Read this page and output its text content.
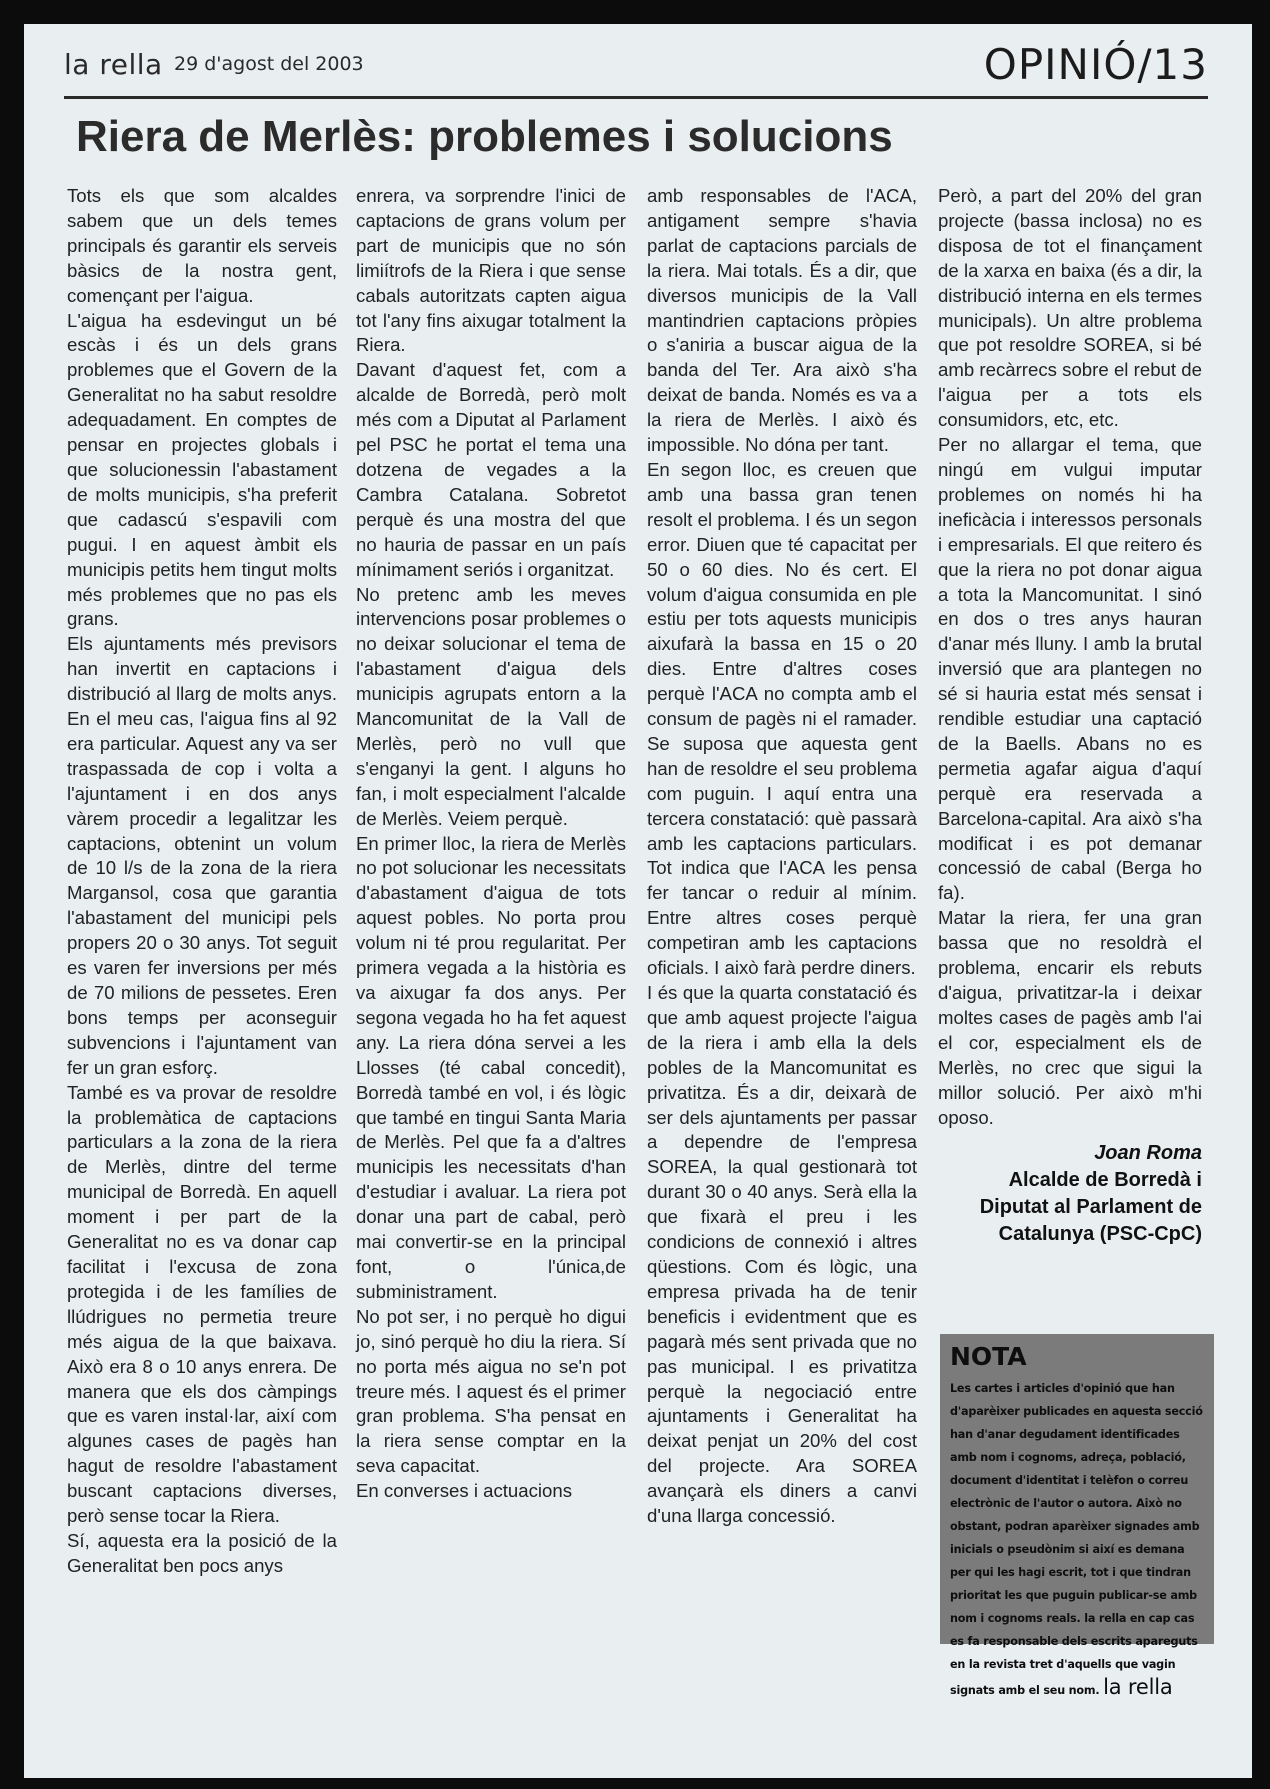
la rella 29 d'agost del 2003	OPINIÓ/13
Riera de Merlès: problemes i solucions

Tots els que som alcaldes sabem que un dels temes principals és garantir els serveis bàsics de la nostra gent, començant per l'aigua.

L'aigua ha esdevingut un bé escàs i és un dels grans problemes que el Govern de la Generalitat no ha sabut resoldre adequadament. En comptes de pensar en projectes globals i que solucionessin l'abastament de molts municipis, s'ha preferit que cadascú s'espavili com pugui. I en aquest àmbit els municipis petits hem tingut molts més problemes que no pas els grans.

Els ajuntaments més previsors han invertit en captacions i distribució al llarg de molts anys. En el meu cas, l'aigua fins al 92 era particular. Aquest any va ser traspassada de cop i volta a l'ajuntament i en dos anys vàrem procedir a legalitzar les captacions, obtenint un volum de 10 l/s de la zona de la riera Margansol, cosa que garantia l'abastament del municipi pels propers 20 o 30 anys. Tot seguit es varen fer inversions per més de 70 milions de pessetes. Eren bons temps per aconseguir subvencions i l'ajuntament van fer un gran esforç.

També es va provar de resoldre la problemàtica de captacions particulars a la zona de la riera de Merlès, dintre del terme municipal de Borredà. En aquell moment i per part de la Generalitat no es va donar cap facilitat i l'excusa de zona protegida i de les famílies de llúdrigues no permetia treure més aigua de la que baixava. Això era 8 o 10 anys enrera. De manera que els dos càmpings que es varen instal·lar, així com algunes cases de pagès han hagut de resoldre l'abastament buscant captacions diverses, però sense tocar la Riera.

Sí, aquesta era la posició de la Generalitat ben pocs anys

enrera, va sorprendre l'inici de captacions de grans volum per part de municipis que no són limiítrofs de la Riera i que sense cabals autoritzats capten aigua tot l'any fins aixugar totalment la Riera.

Davant d'aquest fet, com a alcalde de Borredà, però molt més com a Diputat al Parlament pel PSC he portat el tema una dotzena de vegades a la Cambra Catalana. Sobretot perquè és una mostra del que no hauria de passar en un país mínimament seriós i organitzat.

No pretenc amb les meves intervencions posar problemes o no deixar solucionar el tema de l'abastament d'aigua dels municipis agrupats entorn a la Mancomunitat de la Vall de Merlès, però no vull que s'enganyi la gent. I alguns ho fan, i molt especialment l'alcalde de Merlès. Veiem perquè.

En primer lloc, la riera de Merlès no pot solucionar les necessitats d'abastament d'aigua de tots aquest pobles. No porta prou volum ni té prou regularitat. Per primera vegada a la història es va aixugar fa dos anys. Per segona vegada ho ha fet aquest any. La riera dóna servei a les Llosses (té cabal concedit), Borredà també en vol, i és lògic que també en tingui Santa Maria de Merlès. Pel que fa a d'altres municipis les necessitats d'han d'estudiar i avaluar. La riera pot donar una part de cabal, però mai convertir-se en la principal font, o l'única,de subministrament.

No pot ser, i no perquè ho digui jo, sinó perquè ho diu la riera. Sí no porta més aigua no se'n pot treure més. I aquest és el primer gran problema. S'ha pensat en la riera sense comptar en la seva capacitat.

En converses i actuacions

amb responsables de l'ACA, antigament sempre s'havia parlat de captacions parcials de la riera. Mai totals. És a dir, que diversos municipis de la Vall mantindrien captacions pròpies o s'aniria a buscar aigua de la banda del Ter. Ara això s'ha deixat de banda. Només es va a la riera de Merlès. I això és impossible. No dóna per tant.

En segon lloc, es creuen que amb una bassa gran tenen resolt el problema. I és un segon error. Diuen que té capacitat per 50 o 60 dies. No és cert. El volum d'aigua consumida en ple estiu per tots aquests municipis aixufarà la bassa en 15 o 20 dies. Entre d'altres coses perquè l'ACA no compta amb el consum de pagès ni el ramader. Se suposa que aquesta gent han de resoldre el seu problema com puguin. I aquí entra una tercera constatació: què passarà amb les captacions particulars. Tot indica que l'ACA les pensa fer tancar o reduir al mínim. Entre altres coses perquè competiran amb les captacions oficials. I això farà perdre diners.

I és que la quarta constatació és que amb aquest projecte l'aigua de la riera i amb ella la dels pobles de la Mancomunitat es privatitza. És a dir, deixarà de ser dels ajuntaments per passar a dependre de l'empresa SOREA, la qual gestionarà tot durant 30 o 40 anys. Serà ella la que fixarà el preu i les condicions de connexió i altres qüestions. Com és lògic, una empresa privada ha de tenir beneficis i evidentment que es pagarà més sent privada que no pas municipal. I es privatitza perquè la negociació entre ajuntaments i Generalitat ha deixat penjat un 20% del cost del projecte. Ara SOREA avançarà els diners a canvi d'una llarga concessió.

Però, a part del 20% del gran projecte (bassa inclosa) no es disposa de tot el finançament de la xarxa en baixa (és a dir, la distribució interna en els termes municipals). Un altre problema que pot resoldre SOREA, si bé amb recàrrecs sobre el rebut de l'aigua per a tots els consumidors, etc, etc.

Per no allargar el tema, que ningú em vulgui imputar problemes on només hi ha ineficàcia i interessos personals i empresarials. El que reitero és que la riera no pot donar aigua a tota la Mancomunitat. I sinó en dos o tres anys hauran d'anar més lluny. I amb la brutal inversió que ara plantegen no sé si hauria estat més sensat i rendible estudiar una captació de la Baells. Abans no es permetia agafar aigua d'aquí perquè era reservada a Barcelona-capital. Ara això s'ha modificat i es pot demanar concessió de cabal (Berga ho fa).

Matar la riera, fer una gran bassa que no resoldrà el problema, encarir els rebuts d'aigua, privatitzar-la i deixar moltes cases de pagès amb l'ai el cor, especialment els de Merlès, no crec que sigui la millor solució. Per això m'hi oposo.

Joan Roma
Alcalde de Borredà i
Diputat al Parlament de
Catalunya (PSC-CpC)
NOTA
Les cartes i articles d'opinió que han d'aparèixer publicades en aquesta secció han d'anar degudament identificades amb nom i cognoms, adreça, població, document d'identitat i telèfon o correu electrònic de l'autor o autora. Això no obstant, podran aparèixer signades amb inicials o pseudònim si així es demana per qui les hagi escrit, tot i que tindran prioritat les que puguin publicar-se amb nom i cognoms reals. la rella en cap cas es fa responsable dels escrits apareguts en la revista tret d'aquells que vagin signats amb el seu nom. la rella
